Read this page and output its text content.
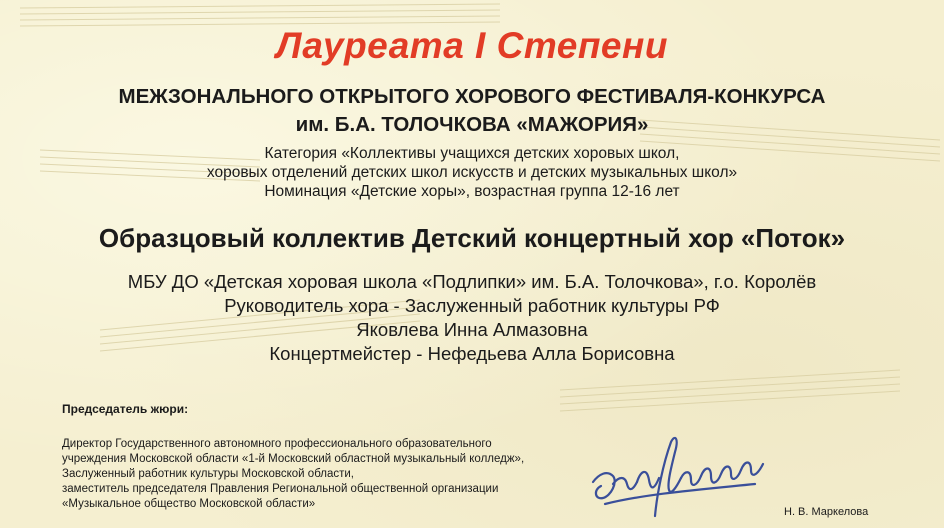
Лауреата I Степени
МЕЖЗОНАЛЬНОГО ОТКРЫТОГО ХОРОВОГО ФЕСТИВАЛЯ-КОНКУРСА
им. Б.А. ТОЛОЧКОВА «МАЖОРИЯ»
Категория «Коллективы учащихся детских хоровых школ,
хоровых отделений детских школ искусств и детских музыкальных школ»
Номинация «Детские хоры», возрастная группа 12-16 лет
Образцовый коллектив Детский концертный хор «Поток»
МБУ ДО «Детская хоровая школа «Подлипки» им. Б.А. Толочкова», г.о. Королёв
Руководитель хора - Заслуженный работник культуры РФ
Яковлева Инна Алмазовна
Концертмейстер - Нефедьева Алла Борисовна
Председатель жюри:
Директор Государственного автономного профессионального образовательного
учреждения Московской области «1-й Московский областной музыкальный колледж»,
Заслуженный работник культуры Московской области,
заместитель председателя Правления Региональной общественной организации
«Музыкальное общество Московской области»
Н. В. Маркелова
